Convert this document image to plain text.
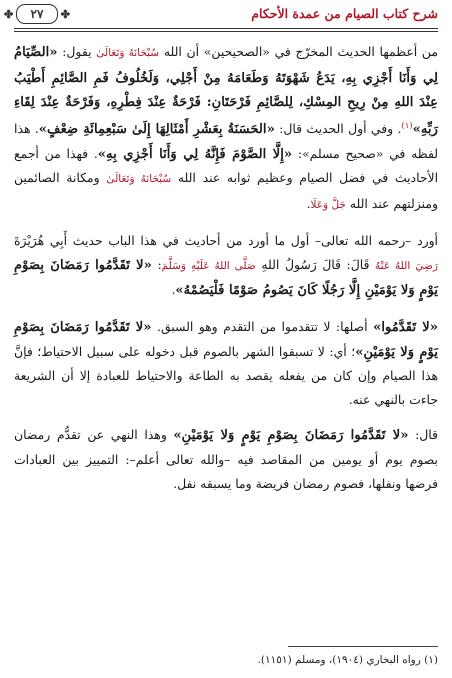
شرح كتاب الصيام من عمدة الأحكام
✤ ٢٧ ✤

من أعظمها الحديث المخرّج في «الصحيحين» أن الله سُبْحَانَهُ وَتَعَالَىٰ يقول: «الصِّيَامُ لِي وَأَنَا أَجْزِي بِهِ، يَدَعُ شَهْوَتَهُ وَطَعَامَهُ مِنْ أَجْلِي، وَلَخُلُوفُ فَمِ الصَّائِمِ أَطْيَبُ عِنْدَ اللهِ مِنْ رِيحِ المِسْكِ، لِلصَّائِمِ فَرْحَتَانِ: فَرْحَةٌ عِنْدَ فِطْرِهِ، وَفَرْحَةٌ عِنْدَ لِقَاءِ رَبِّهِ»$^{(١)}$. وفي أول الحديث قال: «الحَسَنَةُ بِعَشْرِ أَمْثَالِهَا إِلَىٰ سَبْعِمِائَةِ ضِعْفٍ». هذا لفظه في «صحيح مسلم»: «إِلَّا الصَّوْمَ فَإِنَّهُ لِي وَأَنَا أَجْزِي بِهِ». فهذا من أجمع الأحاديث في فضل الصيام وعظيم ثوابه عند الله سُبْحَانَهُ وَتَعَالَىٰ ومكانة الصائمين ومنزلتهم عند الله جَلَّ وَعَلَا.

أورد –رحمه الله تعالى– أول ما أورد من أحاديث في هذا الباب حديث أَبِي هُرَيْرَةَ رَضِيَ اللهُ عَنْهُ قَالَ: قَالَ رَسُولُ اللهِ صَلَّى اللهُ عَلَيْهِ وَسَلَّمَ: «لا تَقَدَّمُوا رَمَضَانَ بِصَوْمِ يَوْمٍ وَلا يَوْمَيْنِ إِلَّا رَجُلًا كَانَ يَصُومُ صَوْمًا فَلْيَصُمْهُ».

«لا تَقَدَّمُوا» أصلها: لا تتقدموا من التقدم وهو السبق. «لا تَقَدَّمُوا رَمَضَانَ بِصَوْمِ يَوْمٍ وَلا يَوْمَيْنِ»؛ أي: لا تسبقوا الشهر بالصوم قبل دخوله على سبيل الاحتياط؛ فإنَّ هذا الصيام وإن كان من يفعله يقصد به الطاعة والاحتياط للعبادة إلا أن الشريعة جاءت بالنهي عنه.

قال: «لا تَقَدَّمُوا رَمَضَانَ بِصَوْمِ يَوْمٍ وَلا يَوْمَيْنِ» وهذا النهي عن تقدُّم رمضان بصوم يوم أو يومين من المقاصد فيه –والله تعالى أعلم–: التمييز بين العبادات فرضها ونفلها، فصوم رمضان فريضة وما يسبقه نفل.

(١) رواه البخاري (١٩٠٤)، ومسلم (١١٥١).
